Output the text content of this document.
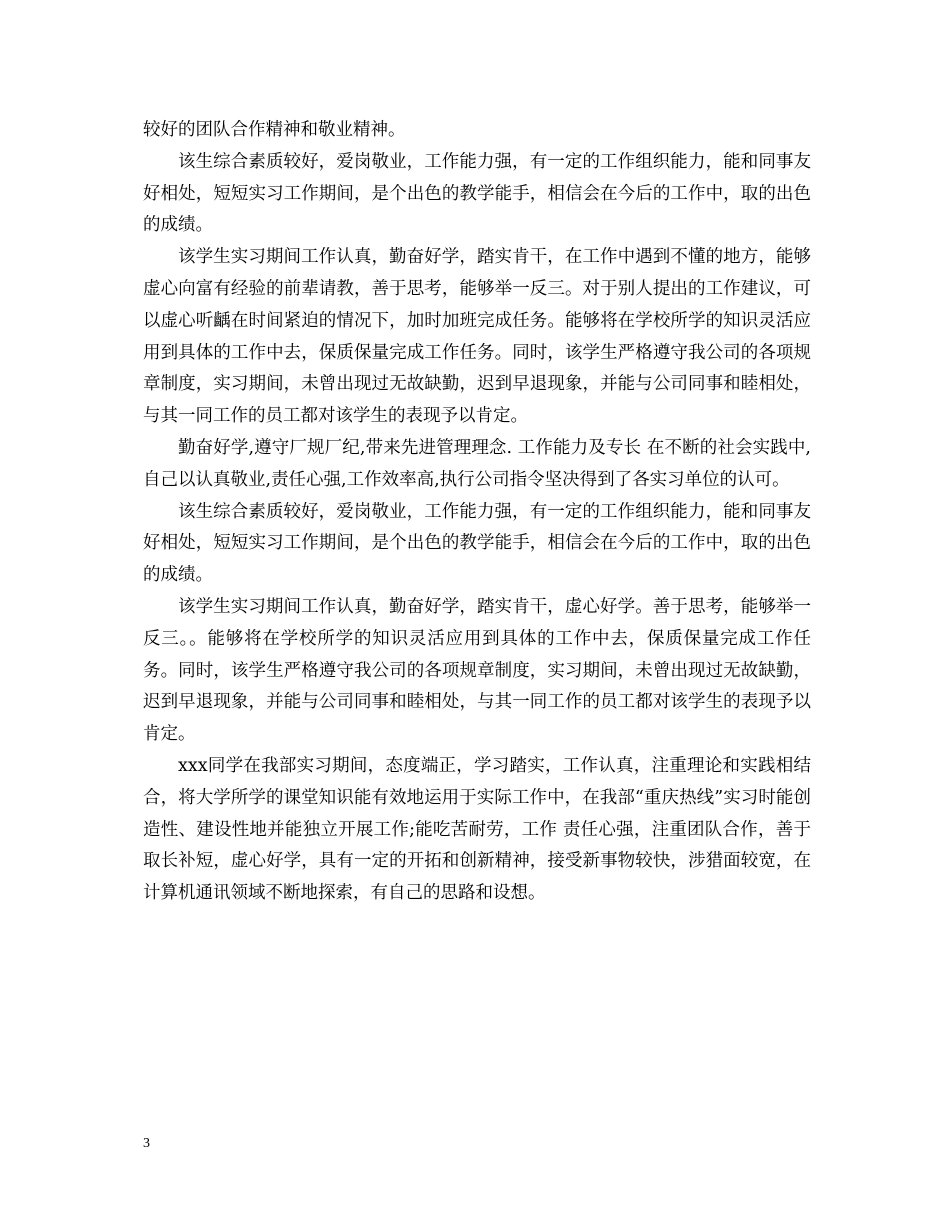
较好的团队合作精神和敬业精神。

该生综合素质较好，爱岗敬业，工作能力强，有一定的工作组织能力，能和同事友好相处，短短实习工作期间，是个出色的教学能手，相信会在今后的工作中，取的出色的成绩。

该学生实习期间工作认真，勤奋好学，踏实肯干，在工作中遇到不懂的地方，能够虚心向富有经验的前辈请教，善于思考，能够举一反三。对于别人提出的工作建议，可以虚心听齲在时间紧迫的情况下，加时加班完成任务。能够将在学校所学的知识灵活应用到具体的工作中去，保质保量完成工作任务。同时，该学生严格遵守我公司的各项规章制度，实习期间，未曾出现过无故缺勤，迟到早退现象，并能与公司同事和睦相处，与其一同工作的员工都对该学生的表现予以肯定。

勤奋好学,遵守厂规厂纪,带来先进管理理念. 工作能力及专长 在不断的社会实践中,自己以认真敬业,责任心强,工作效率高,执行公司指令坚决得到了各实习单位的认可。

该生综合素质较好，爱岗敬业，工作能力强，有一定的工作组织能力，能和同事友好相处，短短实习工作期间，是个出色的教学能手，相信会在今后的工作中，取的出色的成绩。

该学生实习期间工作认真，勤奋好学，踏实肯干，虚心好学。善于思考，能够举一反三。。能够将在学校所学的知识灵活应用到具体的工作中去，保质保量完成工作任务。同时，该学生严格遵守我公司的各项规章制度，实习期间，未曾出现过无故缺勤，迟到早退现象，并能与公司同事和睦相处，与其一同工作的员工都对该学生的表现予以肯定。

xxx同学在我部实习期间，态度端正，学习踏实，工作认真，注重理论和实践相结合，将大学所学的课堂知识能有效地运用于实际工作中，在我部“重庆热线”实习时能创造性、建设性地并能独立开展工作;能吃苦耐劳，工作 责任心强，注重团队合作，善于取长补短，虚心好学，具有一定的开拓和创新精神，接受新事物较快，涉猎面较宽，在计算机通讯领域不断地探索，有自己的思路和设想。

3
